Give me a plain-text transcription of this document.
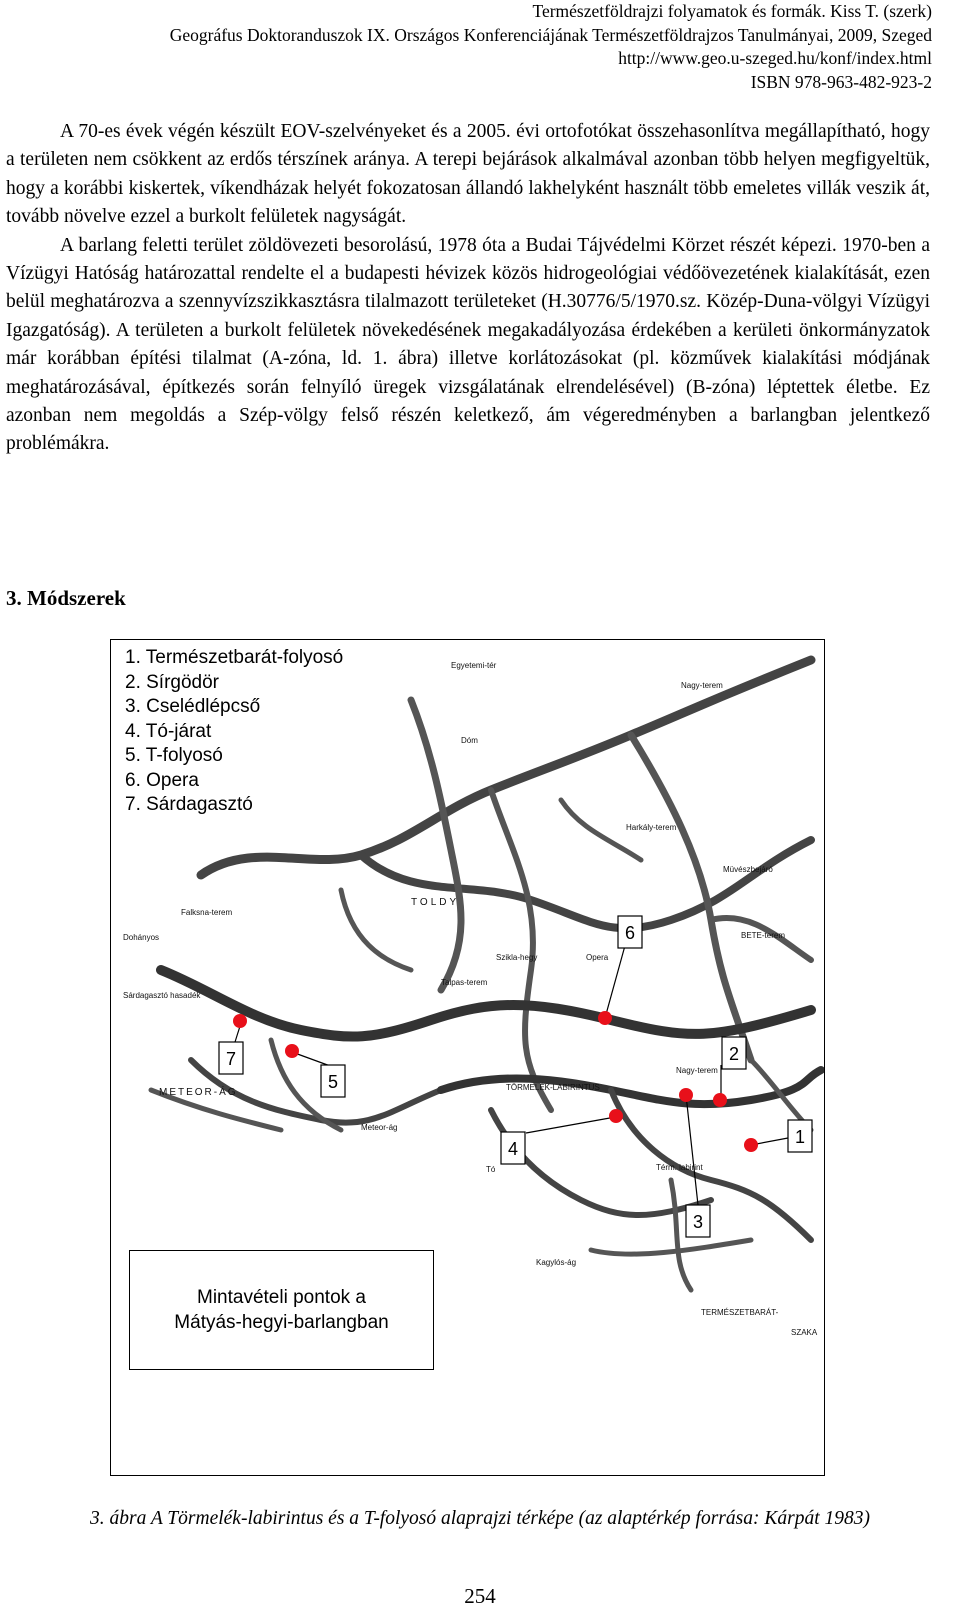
Természetföldrajzi folyamatok és formák. Kiss T. (szerk)
Geográfus Doktoranduszok IX. Országos Konferenciájának Természetföldrajzos Tanulmányai, 2009, Szeged
http://www.geo.u-szeged.hu/konf/index.html
ISBN 978-963-482-923-2

A 70-es évek végén készült EOV-szelvényeket és a 2005. évi ortofotókat összehasonlítva megállapítható, hogy a területen nem csökkent az erdős térszínek aránya. A terepi bejárások alkalmával azonban több helyen megfigyeltük, hogy a korábbi kiskertek, víkendházak helyét fokozatosan állandó lakhelyként használt több emeletes villák veszik át, tovább növelve ezzel a burkolt felületek nagyságát.

A barlang feletti terület zöldövezeti besorolású, 1978 óta a Budai Tájvédelmi Körzet részét képezi. 1970-ben a Vízügyi Hatóság határozattal rendelte el a budapesti hévizek közös hidrogeológiai védőövezetének kialakítását, ezen belül meghatározva a szennyvízszikkasztásra tilalmazott területeket (H.30776/5/1970.sz. Közép-Duna-völgyi Vízügyi Igazgatóság). A területen a burkolt felületek növekedésének megakadályozása érdekében a kerületi önkormányzatok már korábban építési tilalmat (A-zóna, ld. 1. ábra) illetve korlátozásokat (pl. közművek kialakítási módjának meghatározásával, építkezés során felnyíló üregek vizsgálatának elrendelésével) (B-zóna) léptettek életbe. Ez azonban nem megoldás a Szép-völgy felső részén keletkező, ám végeredményben a barlangban jelentkező problémákra.

3. Módszerek
Egyetemi-tér
Dóm
Nagy-terem
Harkály-terem
Müvészbejáró
Falksna-terem
Dohányos
Sárdagasztó hasadék
TOLDY
METEOR-ÁG
Meteor-ág
Opera
Szikla-hegy
Talpas-terem
TÖRMELÉK-LABIRINTUS
Tó
BETE-terem
Nagy-terem
Kagylós-ág
TERMÉSZETBARÁT-
SZAKA
Térm. labirint
7
5
6
4
3
2
1
1. Természetbarát-folyosó
2. Sírgödör
3. Cselédlépcső
4. Tó-járat
5. T-folyosó
6. Opera
7. Sárdagasztó
Mintavételi pontok a
Mátyás-hegyi-barlangban
3. ábra A Törmelék-labirintus és a T-folyosó alaprajzi térképe (az alaptérkép forrása: Kárpát 1983)
254
